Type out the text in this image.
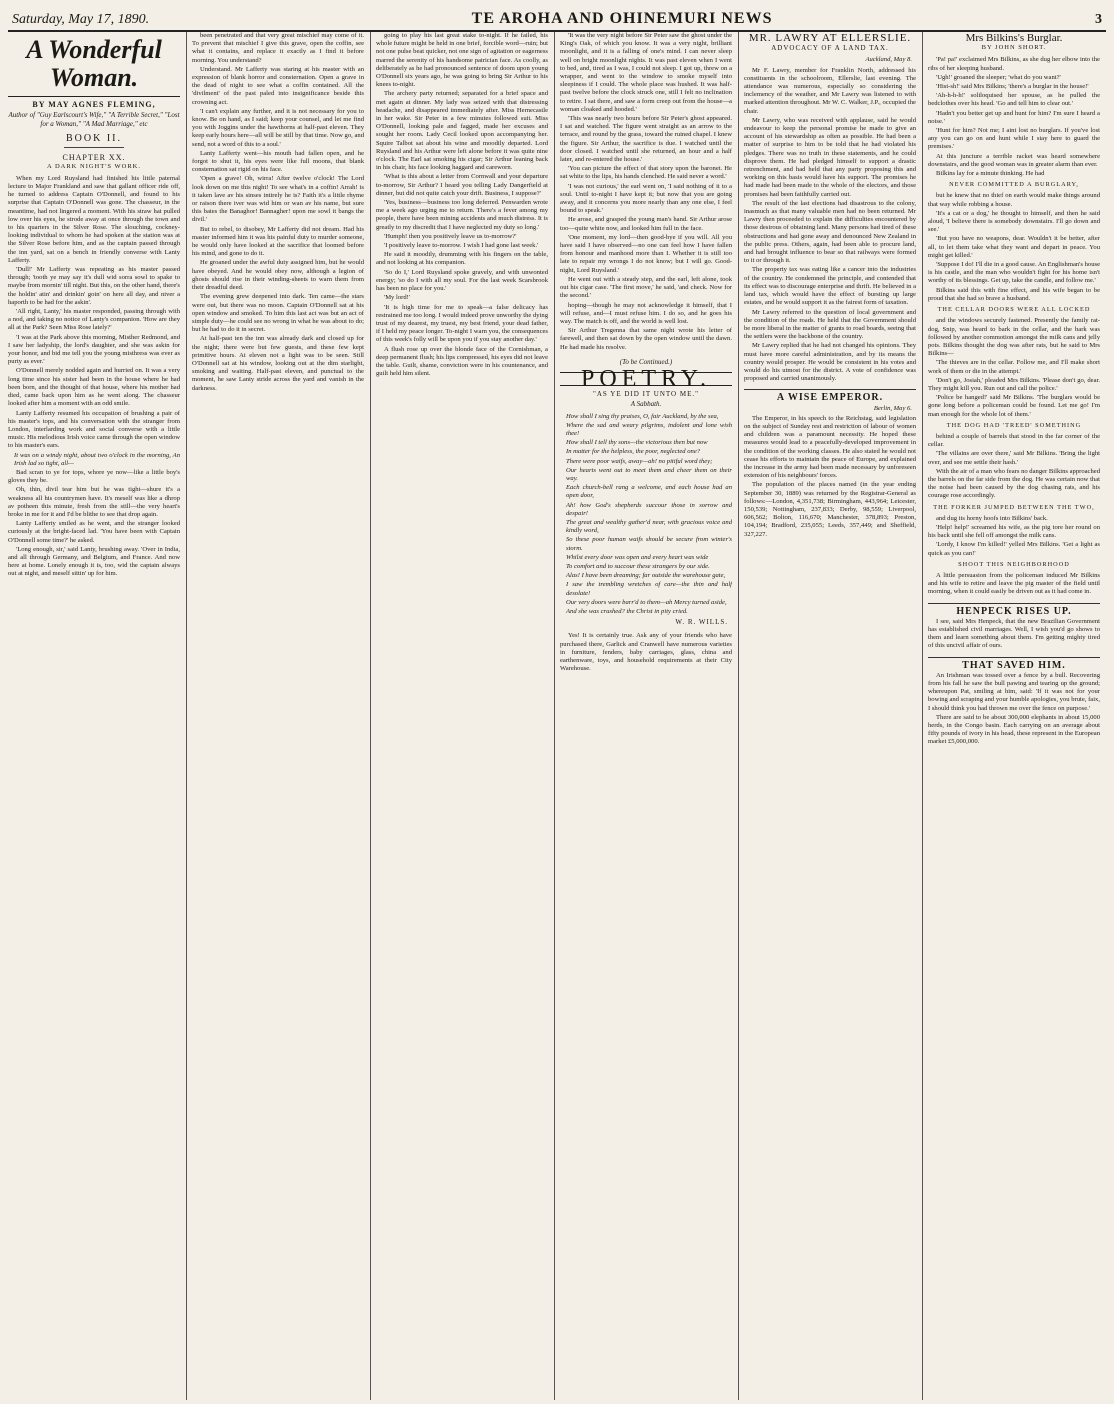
Saturday, May 17, 1890.	TE AROHA AND OHINEMURI NEWS	3
A Wonderful Woman.
BY MAY AGNES FLEMING,
Author of "Guy Earlscourt's Wife," "A Terrible Secret," "Lost for a Woman," "A Mad Marriage," etc
BOOK II.
CHAPTER XX.
A DARK NIGHT'S WORK.

When my Lord Ruysland had finished his little paternal lecture to Major Frankland and saw that gallant officer ride off, he turned to address Captain O'Donnell, and found to his surprise that Captain O'Donnell was gone. The chasseur, in the meantime, had not lingered a moment. With his straw hat pulled low over his eyes, he strode away at once through the town and to his quarters in the Silver Rose. The slouching, cockney-looking individual to whom he had spoken at the station was at the Silver Rose before him, and as the captain passed through the inn yard, sat on a bench in friendly converse with Lanty Lafferty.

'Dull!' Mr Lafferty was repeating as his master passed through; 'tooth ye may say it's dull wid sorra sowl to spake to maybe from mornin' till night. But this, on the other hand, there's the holdin' atin' and drinkin' goin' on here all day, and niver a haporth to be had for the askin'.

'All right, Lanty,' his master responded, passing through with a nod, and taking no notice of Lanty's companion. 'How are they all at the Park? Seen Miss Rose lately?'

'I was at the Park above this morning, Misther Redmond, and I saw her ladyship, the lord's daughter, and she was askin for your honor, and bid me tell you the young misthress was ever as purty as ever.'

O'Donnell merely nodded again and hurried on. It was a very long time since his sister had been in the house where he had been born, and the thought of that house, where his mother had died, came back upon him as he went along. The chasseur looked after him a moment with an odd smile.

Lanty Lafferty resumed his occupation of brushing a pair of his master's tops, and his conversation with the stranger from London, interlarding work and social converse with a little music. His melodious Irish voice came through the open window to his master's ears.

It was on a windy night, about two o'clock in the morning, An Irish lad so tight, all—

Bad scran to ye for tops, whore ye now—like a little boy's gloves they be.

Oh, thin, divil tear him but he was tight—shure it's a weakness all his countrymen have. It's meself was like a dhrop av potheen this minute, fresh from the still—the very heart's broke in me for it and I'd be blithe to see that drop again.

Lanty Lafferty smiled as he went, and the stranger looked curiously at the bright-faced lad. 'You have been with Captain O'Donnell some time?' he asked.

'Long enough, sir,' said Lanty, brushing away. 'Over in India, and all through Germany, and Belgium, and France. And now here at home. Lonely enough it is, too, wid the captain always out at night, and meself sittin' up for him.

been penetrated and that very great mischief may come of it. To prevent that mischief I give this grave, open the coffin, see what it contains, and replace it exactly as I find it before morning. You understand?

Understand. Mr Lafferty was staring at his master with an expression of blank horror and consternation. Open a grave in the dead of night to see what a coffin contained. All the 'divilment' of the past paled into insignificance beside this crowning act.

'I can't explain any further, and it is not necessary for you to know. Be on hand, as I said; keep your counsel, and let me find you with Joggins under the hawthorns at half-past eleven. They keep early hours here—all will be still by that time. Now go, and send, not a word of this to a soul.'

Lanty Lafferty went—his mouth had fallen open, and he forgot to shut it, his eyes were like full moons, that blank consternation sat rigid on his face.

'Open a grave! Oh, wirra! After twelve o'clock! The Lord look down on me this night! To see what's in a coffin! Arrah! is it taken lave av his sinses intirely he is? Faith it's a little rhyme or raison there iver was wid him or wan av his name, but sure this bates the Banaghor! Bannagher! upon me sowl it bangs the divil.'

But to rebel, to disobey, Mr Lafferty did not dream. Had his master informed him it was his painful duty to murder someone, he would only have looked at the sacrifice that loomed before his mind, and gone to do it.

He groaned under the awful duty assigned him, but he would have obeyed. And he would obey now, although a legion of ghosts should rise in their winding-sheets to warn them from their dreadful deed.

The evening grew deepened into dark. Ten came—the stars were out, but there was no moon. Captain O'Donnell sat at his open window and smoked. To him this last act was but an act of simple duty—he could see no wrong in what he was about to do; but he had to do it in secret.

At half-past ten the inn was already dark and closed up for the night; there were but few guests, and these few kept primitive hours. At eleven not a light was to be seen. Still O'Donnell sat at his window, looking out at the dim starlight, smoking and waiting. Half-past eleven, and punctual to the moment, he saw Lanty stride across the yard and vanish in the darkness.

going to play his last great stake to-night. If he failed, his whole future might be held in one brief, forcible word—ruin; but not one pulse beat quicker, not one sign of agitation or eagerness marred the serenity of his handsome patrician face. As coolly, as deliberately as he had pronounced sentence of doom upon young O'Donnell six years ago, he was going to bring Sir Arthur to his knees to-night.

The archery party returned; separated for a brief space and met again at dinner. My lady was seized with that distressing headache, and disappeared immediately after. Miss Hernecastle in her wake. Sir Peter in a few minutes followed suit. Miss O'Donnell, looking pale and fagged, made her excuses and sought her room. Lady Cecil looked upon accompanying her. Squire Talbot sat about his wine and moodily departed. Lord Ruysland and his Arthur were left alone before it was quite nine o'clock. The Earl sat smoking his cigar; Sir Arthur leaning back in his chair, his face looking haggard and careworn.

'What is this about a letter from Cornwall and your departure to-morrow, Sir Arthur? I heard you telling Lady Dangerfield at dinner, but did not quite catch your drift. Business, I suppose?'

'Yes, business—business too long deferred. Penwarden wrote me a week ago urging me to return. There's a fever among my people, there have been mining accidents and much distress. It is greatly to my discredit that I have neglected my duty so long.'

'Humph! then you positively leave us to-morrow?'

'I positively leave to-morrow. I wish I had gone last week.'

He said it moodily, drumming with his fingers on the table, and not looking at his companion.

'So do I,' Lord Ruysland spoke gravely, and with unwonted energy; 'so do I with all my soul. For the last week Scarsbrook has been no place for you.'

'My lord!'

'It is high time for me to speak—a false delicacy has restrained me too long. I would indeed prove unworthy the dying trust of my dearest, my truest, my best friend, your dead father, if I held my peace longer. To-night I warn you, the consequences of this week's folly will be upon you if you stay another day.'

A flush rose up over the blonde face of the Cornishman, a deep permanent flush; his lips compressed, his eyes did not leave the table. Guilt, shame, conviction were in his countenance, and guilt held him silent.

'It was the very night before Sir Peter saw the ghost under the King's Oak, of which you know. It was a very night, brilliant moonlight, and it is a falling of one's mind. I can never sleep well on bright moonlight nights. It was past eleven when I went to bed, and, tired as I was, I could not sleep. I got up, threw on a wrapper, and went to the window to smoke myself into sleepiness if I could. The whole place was hushed. It was half-past twelve before the clock struck one, still I felt no inclination to retire. I sat there, and saw a form creep out from the house—a woman cloaked and hooded.'

'This was nearly two hours before Sir Peter's ghost appeared. I sat and watched. The figure went straight as an arrow to the terrace, and round by the grass, toward the ruined chapel. I knew the figure. Sir Arthur, the sacrifice is due. I watched until the door closed. I watched until she returned, an hour and a half later, and re-entered the house.'

'You can picture the effect of that story upon the baronet. He sat white to the lips, his hands clenched. He said never a word.'

'I was not curious,' the earl went on, 'I said nothing of it to a soul. Until to-night I have kept it; but now that you are going away, and it concerns you more nearly than any one else, I feel bound to speak.'

He arose, and grasped the young man's hand. Sir Arthur arose too—quite white now, and looked him full in the face.

'One moment, my lord—then good-bye if you will. All you have said I have observed—no one can feel how I have fallen from honour and manhood more than I. Whether it is still too late to repair my wrongs I do not know; but I will go. Good-night, Lord Ruysland.'

He went out with a steady step, and the earl, left alone, took out his cigar case. 'The first move,' he said, 'and check. Now for the second.'

hoping—though he may not acknowledge it himself, that I will refuse, and—I must refuse him. I do so, and he goes his way. The match is off, and the world is well lost.

Sir Arthur Tregenna that same night wrote his letter of farewell, and then sat down by the open window until the dawn. He had made his resolve.

(To be Continued.)
POETRY.
"AS YE DID IT UNTO ME."
A Sabbath.

How shall I sing thy praises, O, fair Auckland, by the sea,

Where the sad and weary pilgrims, indolent and lone wish thee!

How shall I tell thy sons—the victorious then but now

In matter for the helpless, the poor, neglected one?

There were poor waifs, away—ah! no pitiful word they;

Our hearts went out to meet them and cheer them on their way.

Each church-bell rang a welcome, and each house had an open door,

Ah! how God's shepherds succour those in sorrow and despair!

The great and wealthy gather'd near, with gracious voice and kindly word,

So these poor human waifs should be secure from winter's storm.

Whilst every door was open and every heart was wide

To comfort and to succour these strangers by our side.

Alas! I have been dreaming; far outside the warehouse gate,

I saw the trembling wretches of care—the thin and half desolate!

Our very doors were barr'd to them—ah Mercy turned aside,

And she was crushed? the Christ in pity cried.

W. R. WILLS.

Yes! It is certainly true. Ask any of your friends who have purchased there, Garlick and Cranwell have numerous varieties in furniture, fenders, baby carriages, glass, china and earthenware, toys, and household requirements at their City Warehouse.

MR. LAWRY AT ELLERSLIE.
ADVOCACY OF A LAND TAX.
Auckland, May 8.

Mr F. Lawry, member for Franklin North, addressed his constituents in the schoolroom, Ellerslie, last evening. The attendance was numerous, especially so considering the inclemency of the weather, and Mr Lawry was listened to with marked attention throughout. Mr W. C. Walker, J.P., occupied the chair.

Mr Lawry, who was received with applause, said he would endeavour to keep the personal promise he made to give an account of his stewardship as often as possible. He had been a matter of surprise to him to be told that he had violated his pledges. There was no truth in these statements, and he could disprove them. He had pledged himself to support a drastic retrenchment, and had held that any party proposing this and working on this basis would have his support. The promises he had made had been made to the whole of the electors, and those promises had been faithfully carried out.

The result of the last elections had disastrous to the colony, inasmuch as that many valuable men had no been returned. Mr Lawry then proceeded to explain the difficulties encountered by those desirous of obtaining land. Many persons had tired of these obstructions and had gone away and denounced New Zealand in the public press. Others, again, had been able to procure land, and had brought influence to bear so that railways were formed to it or through it.

The property tax was eating like a cancer into the industries of the country. He condemned the principle, and contended that its effect was to discourage enterprise and thrift. He believed in a land tax, which would have the effect of bursting up large estates, and he would support it as the fairest form of taxation.

Mr Lawry referred to the question of local government and the condition of the roads. He held that the Government should be more liberal in the matter of grants to road boards, seeing that the settlers were the backbone of the country.

Mr Lawry replied that he had not changed his opinions. They must have more careful administration, and by its means the country would prosper. He would be consistent in his votes and would do his utmost for the district. A vote of confidence was proposed and carried unanimously.

A WISE EMPEROR.
Berlin, May 6.

The Emperor, in his speech to the Reichstag, said legislation on the subject of Sunday rest and restriction of labour of women and children was a paramount necessity. He hoped these measures would lead to a peacefully-developed improvement in the condition of the working classes. He also stated he would not cease his efforts to maintain the peace of Europe, and explained the increase in the army had been made necessary by unforeseen extension of his neighbours' forces.

The population of the places named (in the year ending September 30, 1889) was returned by the Registrar-General as follows:—London, 4,351,738; Birmingham, 443,964; Leicester, 150,539; Nottingham, 237,833; Derby, 98,559; Liverpool, 606,562; Bolton, 116,670; Manchester, 378,893; Preston, 104,194; Bradford, 235,055; Leeds, 357,449; and Sheffield, 327,227.

Mrs Bilkins's Burglar.
BY JOHN SHORT.

'Pa! pa!' exclaimed Mrs Bilkins, as she dug her elbow into the ribs of her sleeping husband.

'Ugh!' groaned the sleeper; 'what do you want?'

'Hist-sh!' said Mrs Bilkins; 'there's a burglar in the house!'

'Ah-h-h-h!' soliloquised her spouse, as he pulled the bedclothes over his head. 'Go and tell him to clear out.'

'Hadn't you better get up and hunt for him? I'm sure I heard a noise.'

'Hunt for him? Not me; I aint lost no burglars. If you've lost any you can go on and hunt while I stay here to guard the premises.'

At this juncture a terrible racket was heard somewhere downstairs, and the good woman was in greater alarm than ever.

Bilkins lay for a minute thinking. He had

NEVER COMMITTED A BURGLARY,

but he knew that no thief on earth would make things around that way while robbing a house.

'It's a cat or a dog,' he thought to himself, and then he said aloud, 'I believe there is somebody downstairs. I'll go down and see.'

'But you have no weapons, dear. Wouldn't it be better, after all, to let them take what they want and depart in peace. You might get killed.'

'Suppose I do! I'll die in a good cause. An Englishman's house is his castle, and the man who wouldn't fight for his home isn't worthy of its blessings. Get up, take the candle, and follow me.'

Bilkins said this with fine effect, and his wife began to be proud that she had so brave a husband.

THE CELLAR DOORS WERE ALL LOCKED

and the windows securely fastened. Presently the family rat-dog, Snip, was heard to bark in the cellar, and the bark was followed by another commotion amongst the milk cans and jelly pots. Bilkins thought the dog was after rats, but he said to Mrs Bilkins—

'The thieves are in the cellar. Follow me, and I'll make short work of them or die in the attempt.'

'Don't go, Josiah,' pleaded Mrs Bilkins. 'Please don't go, dear. They might kill you. Run out and call the police.'

'Police be hanged!' said Mr Bilkins. 'The burglars would be gone long before a policeman could be found. Let me go! I'm man enough for the whole lot of them.'

THE DOG HAD 'TREED' SOMETHING

behind a couple of barrels that stood in the far corner of the cellar.

'The villains are over there,' said Mr Bilkins. 'Bring the light over, and see me settle their hash.'

With the air of a man who fears no danger Bilkins approached the barrels on the far side from the dog. He was certain now that the noise had been caused by the dog chasing rats, and his courage rose accordingly.

THE FORKER JUMPED BETWEEN THE TWO,

and dug its horny hoofs into Bilkins' back.

'Help! help!' screamed his wife, as the pig tore her round on his back until she fell off amongst the milk cans.

'Lordy, I know I'm killed!' yelled Mrs Bilkins. 'Get a light as quick as you can!'

SHOOT THIS NEIGHBORHOOD

A little persuasion from the policeman induced Mr Bilkins and his wife to retire and leave the pig master of the field until morning, when it could easily be driven out as it had come in.

HENPECK RISES UP.

I see, said Mrs Henpeck, that the new Brazilian Government has established civil marriages. Well, I wish you'd go shows to them and learn something about them. I'm getting mighty tired of this uncivil affair of ours.

THAT SAVED HIM.

An Irishman was tossed over a fence by a bull. Recovering from his fall he saw the bull pawing and tearing up the ground; whereupon Pat, smiling at him, said: 'If it was not for your bowing and scraping and your humble apologies, you brute, faix, I should think you had thrown me over the fence on purpose.'

There are said to be about 300,000 elephants in about 15,000 herds, in the Congo basin. Each carrying on an average about fifty pounds of ivory in his head, these represent in the European market £5,000,000.
